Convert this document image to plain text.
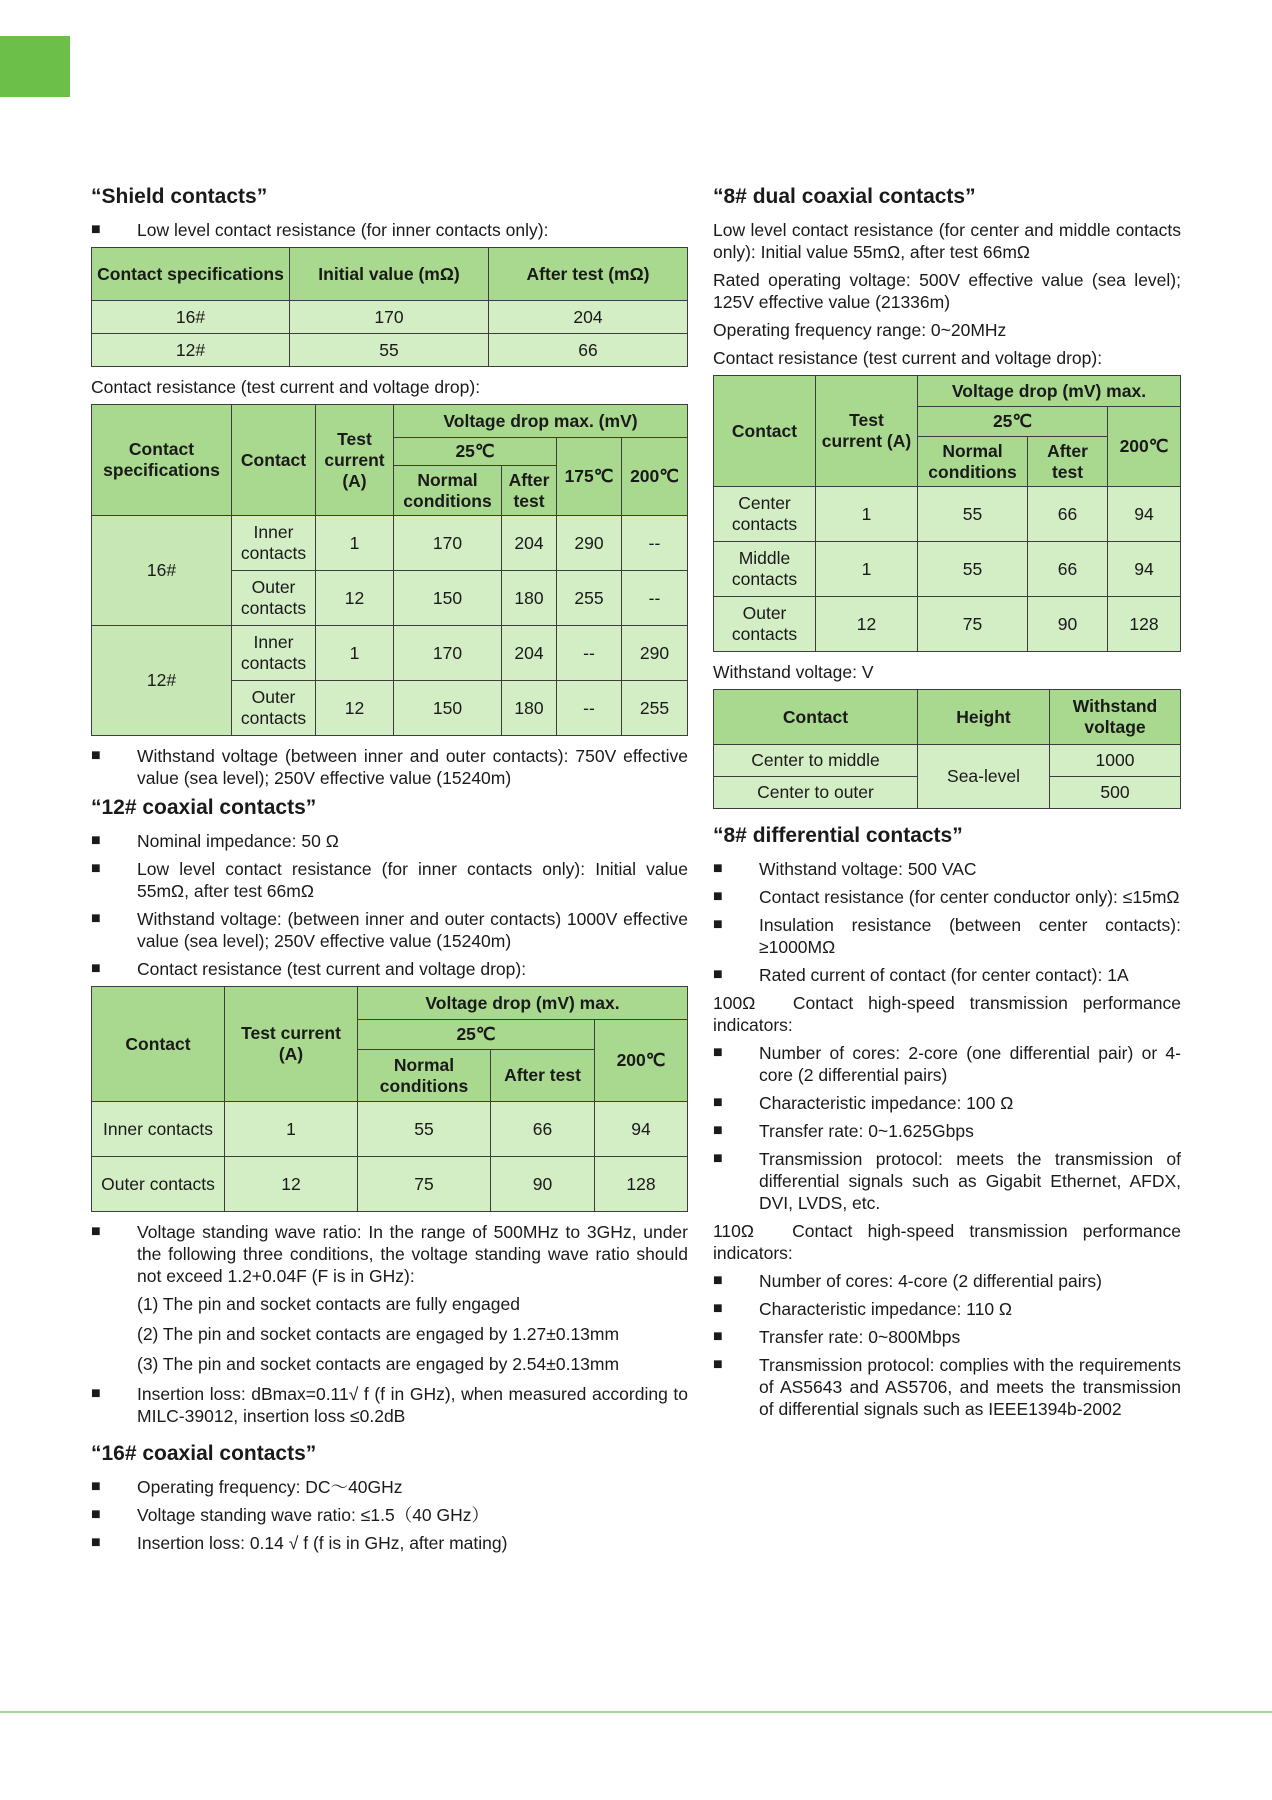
“Shield contacts”
■ Low level contact resistance (for inner contacts only):
Contact specifications	Initial value (mΩ)	After test (mΩ)
16#	170	204
12#	55	66
Contact resistance (test current and voltage drop):
Contact specifications	Contact	Test current (A)	Voltage drop max. (mV)			
			25℃		175℃	200℃
			Normal conditions	After test		
16#	Inner contacts	1	170	204	290	--
	Outer contacts	12	150	180	255	--
12#	Inner contacts	1	170	204	--	290
	Outer contacts	12	150	180	--	255
■ Withstand voltage (between inner and outer contacts): 750V effective value (sea level); 250V effective value (15240m)
“12# coaxial contacts”
■ Nominal impedance: 50 Ω
■ Low level contact resistance (for inner contacts only): Initial value 55mΩ, after test 66mΩ
■ Withstand voltage: (between inner and outer contacts) 1000V effective value (sea level); 250V effective value (15240m)
■ Contact resistance (test current and voltage drop):
Contact	Test current (A)	Voltage drop (mV) max.		
		25℃		200℃
		Normal conditions	After test	
Inner contacts	1	55	66	94
Outer contacts	12	75	90	128
■ Voltage standing wave ratio: In the range of 500MHz to 3GHz, under the following three conditions, the voltage standing wave ratio should not exceed 1.2+0.04F (F is in GHz):
(1) The pin and socket contacts are fully engaged
(2) The pin and socket contacts are engaged by 1.27±0.13mm
(3) The pin and socket contacts are engaged by 2.54±0.13mm
■ Insertion loss: dBmax=0.11√ f (f in GHz), when measured according to MILC-39012, insertion loss ≤0.2dB
“16# coaxial contacts”
■ Operating frequency: DC～40GHz
■ Voltage standing wave ratio: ≤1.5（40 GHz）
■ Insertion loss: 0.14 √ f (f is in GHz, after mating)
“8# dual coaxial contacts”
Low level contact resistance (for center and middle contacts only): Initial value 55mΩ, after test 66mΩ
Rated operating voltage: 500V effective value (sea level); 125V effective value (21336m)
Operating frequency range: 0~20MHz
Contact resistance (test current and voltage drop):
Contact	Test current (A)	Voltage drop (mV) max.		
		25℃		200℃
		Normal conditions	After test	
Center contacts	1	55	66	94
Middle contacts	1	55	66	94
Outer contacts	12	75	90	128
Withstand voltage: V
Contact	Height	Withstand voltage
Center to middle	Sea-level	1000
Center to outer		500
“8# differential contacts”
■ Withstand voltage: 500 VAC
■ Contact resistance (for center conductor only): ≤15mΩ
■ Insulation resistance (between center contacts): ≥1000MΩ
■ Rated current of contact (for center contact): 1A
100Ω　Contact high-speed transmission performance indicators:
■ Number of cores: 2-core (one differential pair) or 4-core (2 differential pairs)
■ Characteristic impedance: 100 Ω
■ Transfer rate: 0~1.625Gbps
■ Transmission protocol: meets the transmission of differential signals such as Gigabit Ethernet, AFDX, DVI, LVDS, etc.
110Ω　Contact high-speed transmission performance indicators:
■ Number of cores: 4-core (2 differential pairs)
■ Characteristic impedance: 110 Ω
■ Transfer rate: 0~800Mbps
■ Transmission protocol: complies with the requirements of AS5643 and AS5706, and meets the transmission of differential signals such as IEEE1394b-2002
